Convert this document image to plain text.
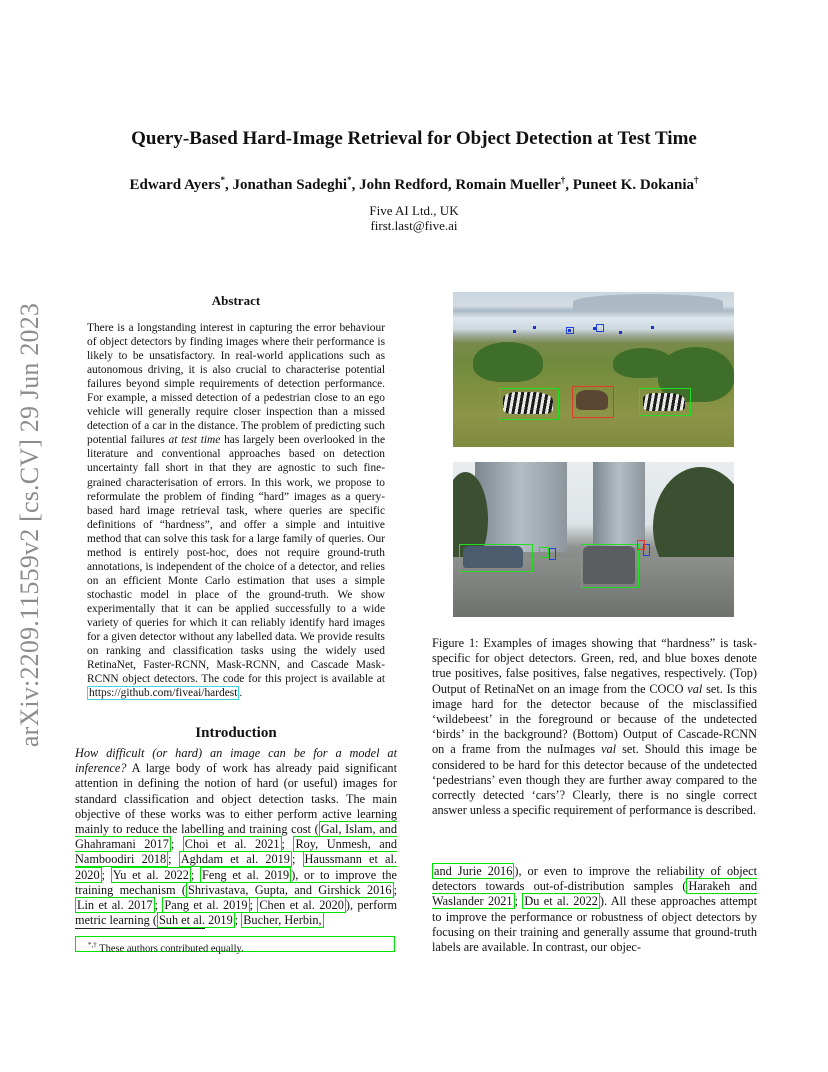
arXiv:2209.11559v2 [cs.CV] 29 Jun 2023
Query-Based Hard-Image Retrieval for Object Detection at Test Time
Edward Ayers*, Jonathan Sadeghi*, John Redford, Romain Mueller†, Puneet K. Dokania†
Five AI Ltd., UK
first.last@five.ai
Abstract

There is a longstanding interest in capturing the error behaviour of object detectors by finding images where their performance is likely to be unsatisfactory. In real-world applications such as autonomous driving, it is also crucial to characterise potential failures beyond simple requirements of detection performance. For example, a missed detection of a pedestrian close to an ego vehicle will generally require closer inspection than a missed detection of a car in the distance. The problem of predicting such potential failures at test time has largely been overlooked in the literature and conventional approaches based on detection uncertainty fall short in that they are agnostic to such fine-grained characterisation of errors. In this work, we propose to reformulate the problem of finding “hard” images as a query-based hard image retrieval task, where queries are specific definitions of “hardness”, and offer a simple and intuitive method that can solve this task for a large family of queries. Our method is entirely post-hoc, does not require ground-truth annotations, is independent of the choice of a detector, and relies on an efficient Monte Carlo estimation that uses a simple stochastic model in place of the ground-truth. We show experimentally that it can be applied successfully to a wide variety of queries for which it can reliably identify hard images for a given detector without any labelled data. We provide results on ranking and classification tasks using the widely used RetinaNet, Faster-RCNN, Mask-RCNN, and Cascade Mask-RCNN object detectors. The code for this project is available at https://github.com/fiveai/hardest .

Introduction

How difficult (or hard) an image can be for a model at inference? A large body of work has already paid significant attention in defining the notion of hard (or useful) images for standard classification and object detection tasks. The main objective of these works was to either perform active learning mainly to reduce the labelling and training cost ( Gal, Islam, and Ghahramani 2017 ; Choi et al. 2021 ; Roy, Unmesh, and Namboodiri 2018 ; Aghdam et al. 2019 ; Haussmann et al. 2020 ; Yu et al. 2022 ; Feng et al. 2019 ), or to improve the training mechanism ( Shrivastava, Gupta, and Girshick 2016 ; Lin et al. 2017 ; Pang et al. 2019 ; Chen et al. 2020 ), perform metric learning ( Suh et al. 2019 ; Bucher, Herbin,

*,† These authors contributed equally.

Figure 1: Examples of images showing that “hardness” is task-specific for object detectors. Green, red, and blue boxes denote true positives, false positives, false negatives, respectively. (Top) Output of RetinaNet on an image from the COCO val set. Is this image hard for the detector because of the misclassified ‘wildebeest’ in the foreground or because of the undetected ‘birds’ in the background? (Bottom) Output of Cascade-RCNN on a frame from the nuImages val set. Should this image be considered to be hard for this detector because of the undetected ‘pedestrians’ even though they are further away compared to the correctly detected ‘cars’? Clearly, there is no single correct answer unless a specific requirement of performance is described.

and Jurie 2016 ), or even to improve the reliability of object detectors towards out-of-distribution samples ( Harakeh and Waslander 2021 ; Du et al. 2022 ). All these approaches attempt to improve the performance or robustness of object detectors by focusing on their training and generally assume that ground-truth labels are available. In contrast, our objec-
